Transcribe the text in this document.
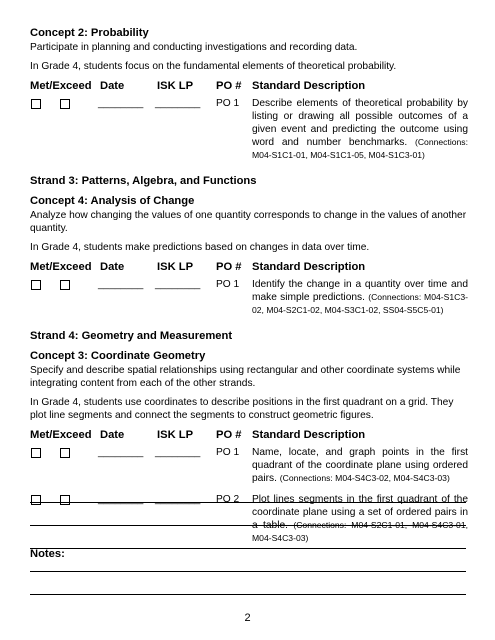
Concept 2: Probability
Participate in planning and conducting investigations and recording data.
In Grade 4, students focus on the fundamental elements of theoretical probability.
Met/Exceed Date	ISK LP PO # Standard Description
________ ________ PO 1 Describe elements of theoretical probability by listing or drawing all possible outcomes of a given event and predicting the outcome using word and number benchmarks. (Connections: M04-S1C1-01, M04-S1C1-05, M04-S1C3-01)
Strand 3: Patterns, Algebra, and Functions
Concept 4: Analysis of Change
Analyze how changing the values of one quantity corresponds to change in the values of another quantity.
In Grade 4, students make predictions based on changes in data over time.
Met/Exceed Date	ISK LP PO # Standard Description
________ ________ PO 1 Identify the change in a quantity over time and make simple predictions. (Connections: M04-S1C3-02, M04-S2C1-02, M04-S3C1-02, SS04-S5C5-01)
Strand 4: Geometry and Measurement
Concept 3: Coordinate Geometry
Specify and describe spatial relationships using rectangular and other coordinate systems while integrating content from each of the other strands.
In Grade 4, students use coordinates to describe positions in the first quadrant on a grid. They plot line segments and connect the segments to construct geometric figures.
Met/Exceed Date	ISK LP PO # Standard Description
________ ________ PO 1 Name, locate, and graph points in the first quadrant of the coordinate plane using ordered pairs. (Connections: M04-S4C3-02, M04-S4C3-03)
________ ________ PO 2 Plot lines segments in the first quadrant of the coordinate plane using a set of ordered pairs in a table. (Connections: M04-S2C1-01, M04-S4C3-01, M04-S4C3-03)
Notes:
2
